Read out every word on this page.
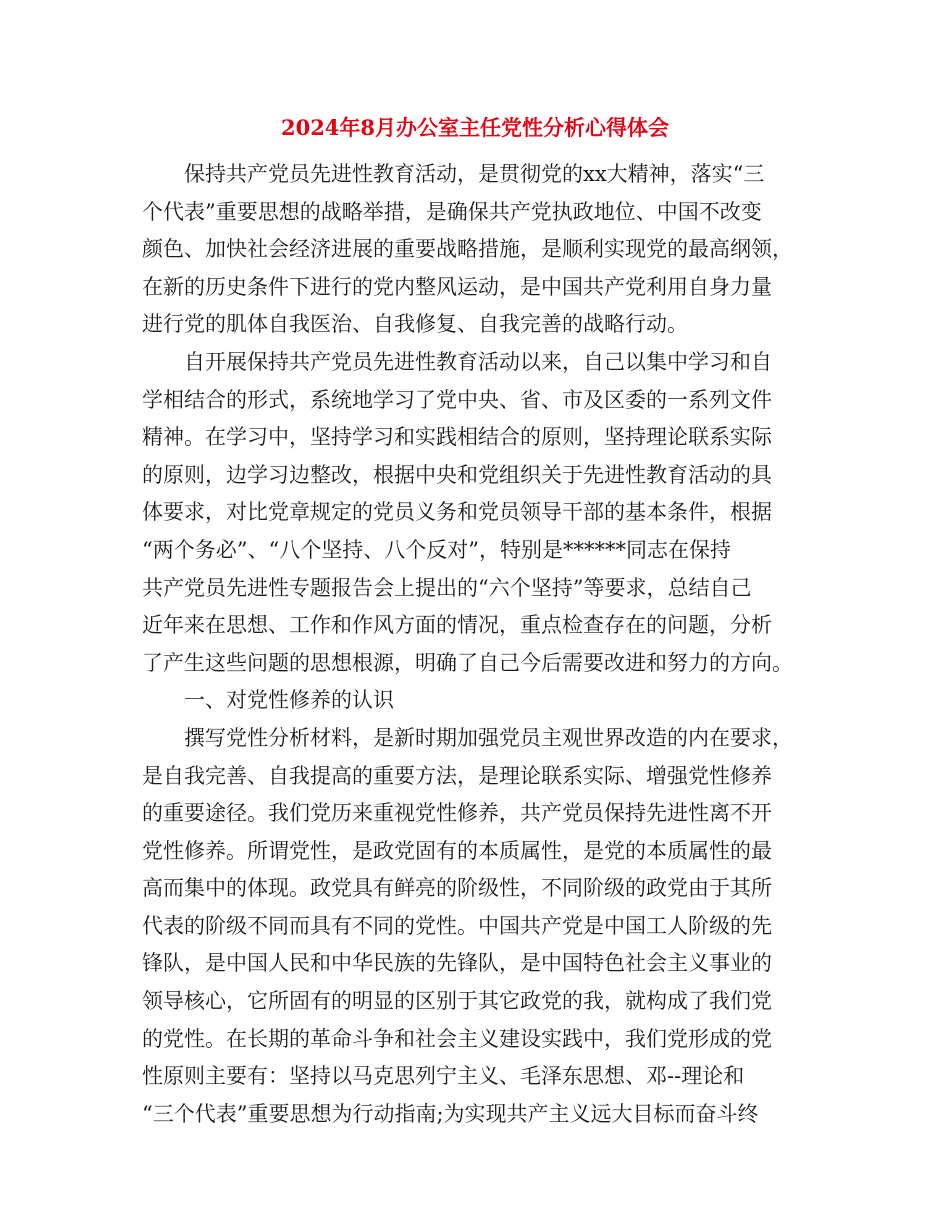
2024年8月办公室主任党性分析心得体会
保持共产党员先进性教育活动，是贯彻党的xx大精神，落实“三
个代表”重要思想的战略举措，是确保共产党执政地位、中国不改变
颜色、加快社会经济进展的重要战略措施，是顺利实现党的最高纲领，
在新的历史条件下进行的党内整风运动，是中国共产党利用自身力量
进行党的肌体自我医治、自我修复、自我完善的战略行动。
自开展保持共产党员先进性教育活动以来，自己以集中学习和自
学相结合的形式，系统地学习了党中央、省、市及区委的一系列文件
精神。在学习中，坚持学习和实践相结合的原则，坚持理论联系实际
的原则，边学习边整改，根据中央和党组织关于先进性教育活动的具
体要求，对比党章规定的党员义务和党员领导干部的基本条件，根据
“两个务必”、“八个坚持、八个反对”，特别是******同志在保持
共产党员先进性专题报告会上提出的“六个坚持”等要求，总结自己
近年来在思想、工作和作风方面的情况，重点检查存在的问题，分析
了产生这些问题的思想根源，明确了自己今后需要改进和努力的方向。
一、对党性修养的认识
撰写党性分析材料，是新时期加强党员主观世界改造的内在要求，
是自我完善、自我提高的重要方法，是理论联系实际、增强党性修养
的重要途径。我们党历来重视党性修养，共产党员保持先进性离不开
党性修养。所谓党性，是政党固有的本质属性，是党的本质属性的最
高而集中的体现。政党具有鲜亮的阶级性，不同阶级的政党由于其所
代表的阶级不同而具有不同的党性。中国共产党是中国工人阶级的先
锋队，是中国人民和中华民族的先锋队，是中国特色社会主义事业的
领导核心，它所固有的明显的区别于其它政党的我，就构成了我们党
的党性。在长期的革命斗争和社会主义建设实践中，我们党形成的党
性原则主要有：坚持以马克思列宁主义、毛泽东思想、邓--理论和
“三个代表”重要思想为行动指南;为实现共产主义远大目标而奋斗终
